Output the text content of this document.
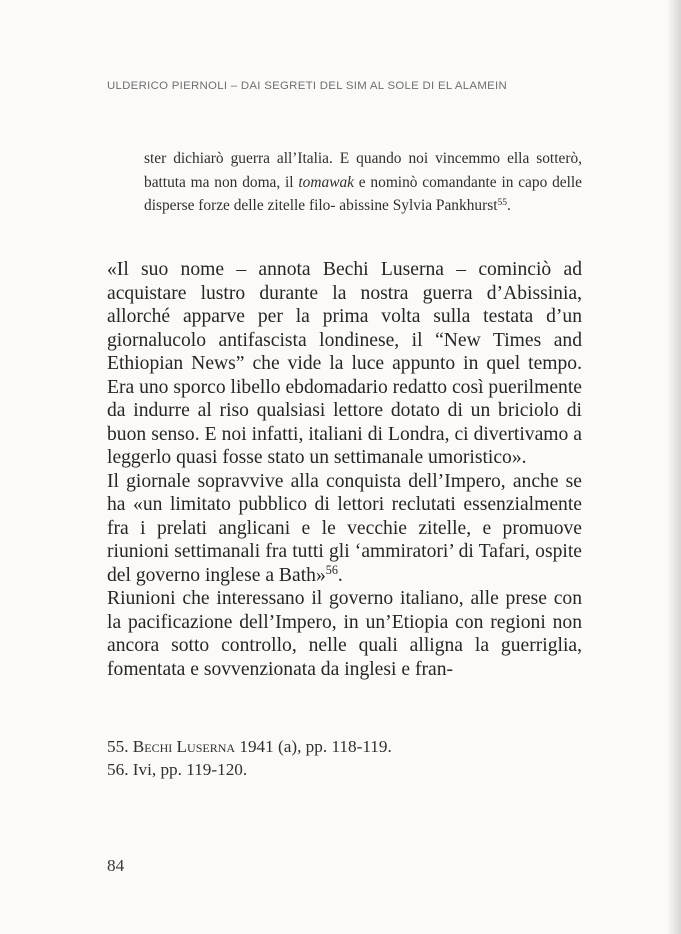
ULDERICO PIERNOLI – DAI SEGRETI DEL SIM AL SOLE DI EL ALAMEIN

ster dichiarò guerra all’Italia. E quando noi vincemmo ella sotterò, battuta ma non doma, il tomawak e nominò comandante in capo delle disperse forze delle zitelle filo- abissine Sylvia Pankhurst$^{55}$.

«Il suo nome – annota Bechi Luserna – cominciò ad acquistare lustro durante la nostra guerra d’Abissinia, allorché apparve per la prima volta sulla testata d’un giornalucolo antifascista londinese, il “New Times and Ethiopian News” che vide la luce appunto in quel tempo. Era uno sporco libello ebdomadario redatto così puerilmente da indurre al riso qualsiasi lettore dotato di un briciolo di buon senso. E noi infatti, italiani di Londra, ci divertivamo a leggerlo quasi fosse stato un settimanale umoristico».

Il giornale sopravvive alla conquista dell’Impero, anche se ha «un limitato pubblico di lettori reclutati essenzialmente fra i prelati anglicani e le vecchie zitelle, e promuove riunioni settimanali fra tutti gli ‘ammiratori’ di Tafari, ospite del governo inglese a Bath»$^{56}$.

Riunioni che interessano il governo italiano, alle prese con la pacificazione dell’Impero, in un’Etiopia con regioni non ancora sotto controllo, nelle quali alligna la guerriglia, fomentata e sovvenzionata da inglesi e fran-

55. Bechi Luserna 1941 (a), pp. 118-119.
56. Ivi, pp. 119-120.
84
